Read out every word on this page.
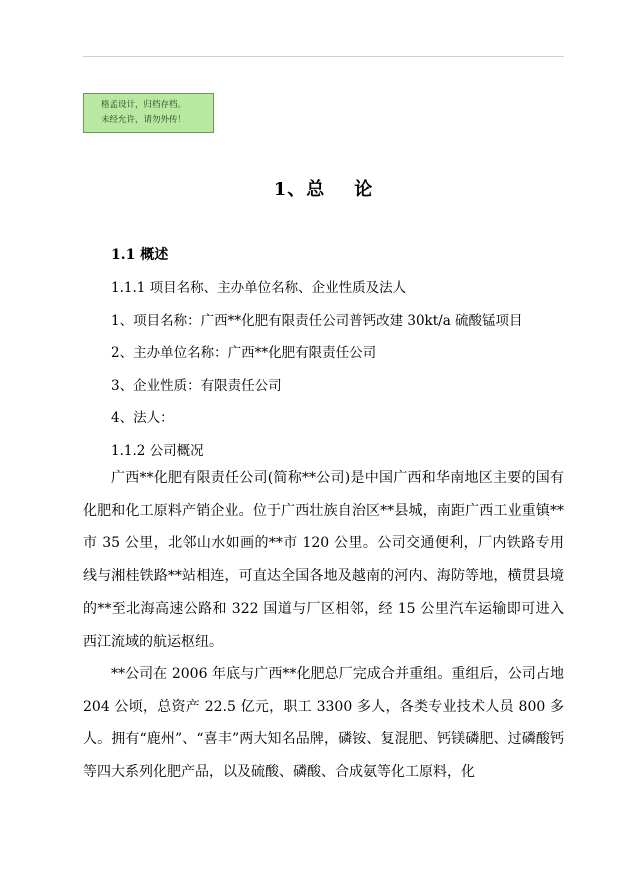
格孟设计，归档存档。
未经允许，请勿外传！
1、总    论
1.1 概述
1.1.1 项目名称、主办单位名称、企业性质及法人
1、项目名称：广西**化肥有限责任公司普钙改建 30kt/a 硫酸锰项目
2、主办单位名称：广西**化肥有限责任公司
3、企业性质：有限责任公司
4、法人：
1.1.2 公司概况

广西**化肥有限责任公司(简称**公司)是中国广西和华南地区主要的国有化肥和化工原料产销企业。位于广西壮族自治区**县城，南距广西工业重镇**市 35 公里，北邻山水如画的**市 120 公里。公司交通便利，厂内铁路专用线与湘桂铁路**站相连，可直达全国各地及越南的河内、海防等地，横贯县境的**至北海高速公路和 322 国道与厂区相邻，经 15 公里汽车运输即可进入西江流域的航运枢纽。

**公司在 2006 年底与广西**化肥总厂完成合并重组。重组后，公司占地 204 公顷，总资产 22.5 亿元，职工 3300 多人，各类专业技术人员 800 多人。拥有“鹿州”、“喜丰”两大知名品牌，磷铵、复混肥、钙镁磷肥、过磷酸钙等四大系列化肥产品，以及硫酸、磷酸、合成氨等化工原料，化
